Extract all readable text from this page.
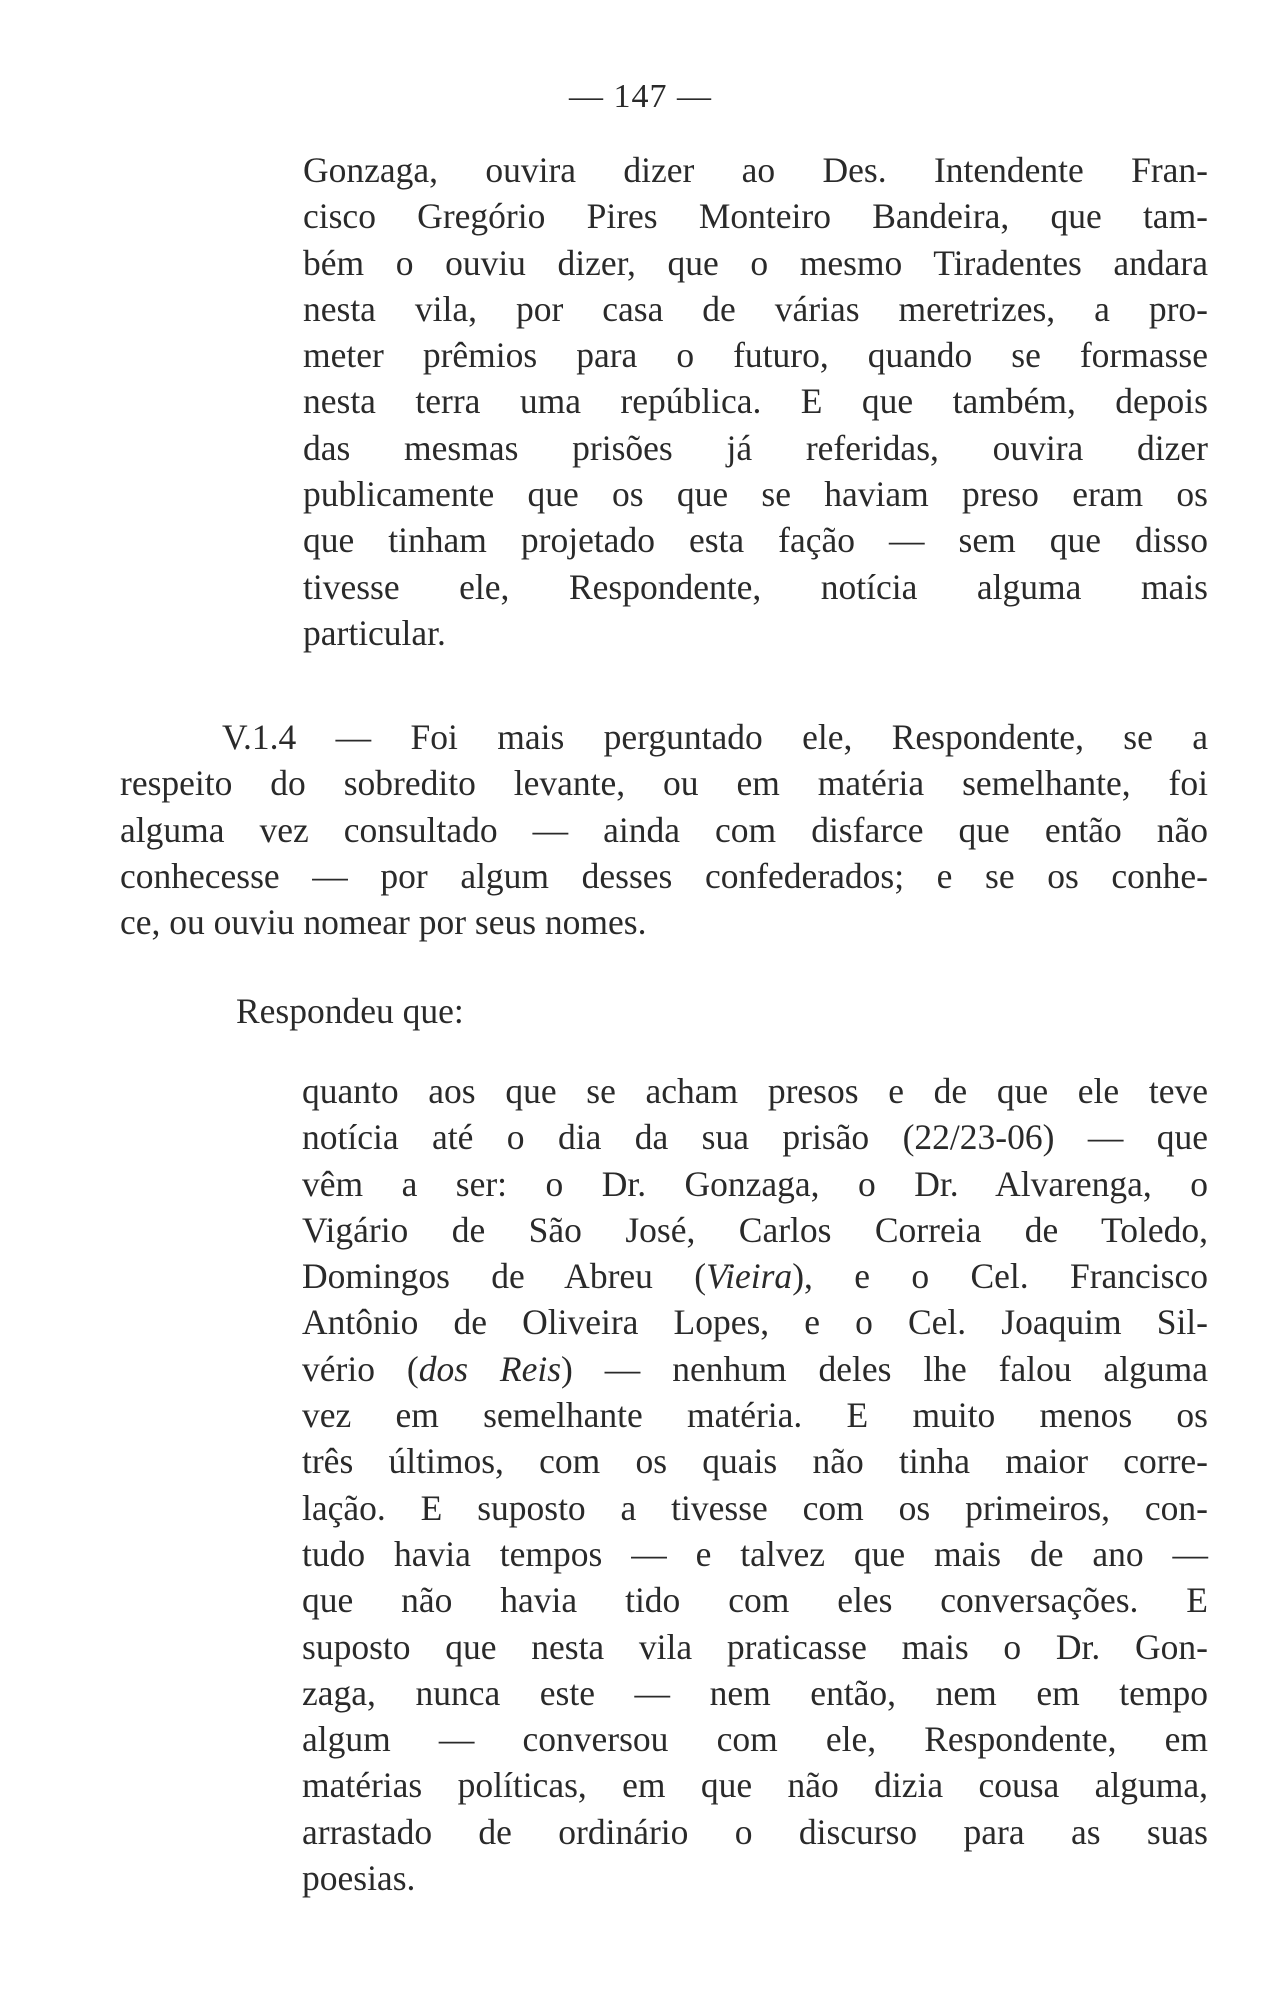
— 147 —
Gonzaga, ouvira dizer ao Des. Intendente Fran-
cisco Gregório Pires Monteiro Bandeira, que tam-
bém o ouviu dizer, que o mesmo Tiradentes andara
nesta vila, por casa de várias meretrizes, a pro-
meter prêmios para o futuro, quando se formasse
nesta terra uma república. E que também, depois
das mesmas prisões já referidas, ouvira dizer
publicamente que os que se haviam preso eram os
que tinham projetado esta fação — sem que disso
tivesse ele, Respondente, notícia alguma mais
particular.
V.1.4 — Foi mais perguntado ele, Respondente, se a
respeito do sobredito levante, ou em matéria semelhante, foi
alguma vez consultado — ainda com disfarce que então não
conhecesse — por algum desses confederados; e se os conhe-
ce, ou ouviu nomear por seus nomes.
Respondeu que:
quanto aos que se acham presos e de que ele teve
notícia até o dia da sua prisão (22/23-06) — que
vêm a ser: o Dr. Gonzaga, o Dr. Alvarenga, o
Vigário de São José, Carlos Correia de Toledo,
Domingos de Abreu (Vieira), e o Cel. Francisco
Antônio de Oliveira Lopes, e o Cel. Joaquim Sil-
vério (dos Reis) — nenhum deles lhe falou alguma
vez em semelhante matéria. E muito menos os
três últimos, com os quais não tinha maior corre-
lação. E suposto a tivesse com os primeiros, con-
tudo havia tempos — e talvez que mais de ano —
que não havia tido com eles conversações. E
suposto que nesta vila praticasse mais o Dr. Gon-
zaga, nunca este — nem então, nem em tempo
algum — conversou com ele, Respondente, em
matérias políticas, em que não dizia cousa alguma,
arrastado de ordinário o discurso para as suas
poesias.
